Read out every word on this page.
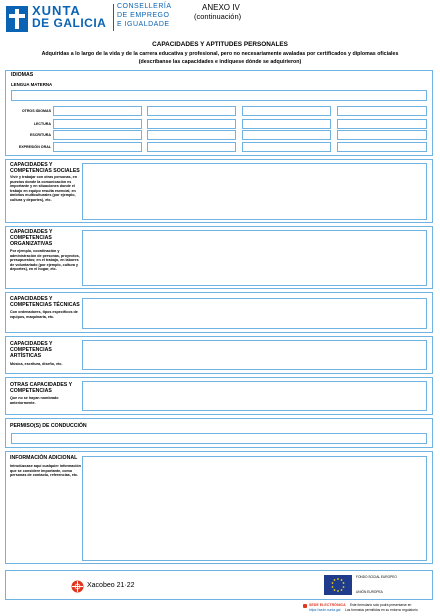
XUNTA
DE GALICIA
CONSELLERÍA
DE EMPREGO
E IGUALDADE
ANEXO IV
(continuación)
CAPACIDADES Y APTITUDES PERSONALES
Adquiridas a lo largo de la vida y de la carrera educativa y profesional, pero no necesariamente avaladas por certificados y diplomas oficiales
(descríbanse las capacidades e indíquese dónde se adquirieron)
IDIOMAS
LENGUA MATERNA
OTROS IDIOMAS
LECTURA
ESCRITURA
EXPRESIÓN ORAL
CAPACIDADES Y COMPETENCIAS SOCIALES
Vivir y trabajar con otras personas, en puestos donde la comunicación es importante y en situaciones donde el trabajo en equipo resulta esencial, en ámbitos multiculturales (por ejemplo, cultura y deportes), etc.
CAPACIDADES Y COMPETENCIAS ORGANIZATIVAS
Por ejemplo, coordinación y administración de personas, proyectos, presupuestos; en el trabajo, en labores de voluntariado (por ejemplo, cultura y deportes), en el hogar, etc.
CAPACIDADES Y COMPETENCIAS TÉCNICAS
Con ordenadores, tipos específicos de equipos, maquinaria, etc.
CAPACIDADES Y COMPETENCIAS ARTÍSTICAS
Música, escritura, diseño, etc.
OTRAS CAPACIDADES Y COMPETENCIAS
Que no se hayan nombrado anteriormente.
PERMISO(S) DE CONDUCCIÓN
INFORMACIÓN ADICIONAL
Introdúzcase aquí cualquier información que se considere importante, como personas de contacto, referencias, etc.
Xacobeo 21·22
FONDO SOCIAL EUROPEO
UNIÓN EUROPEA
SEDE ELECTRÓNICA Este formulario solo podrá presentarse en
https://sede.xunta.gal Los formatos permitidos en su entorno regulatorio
